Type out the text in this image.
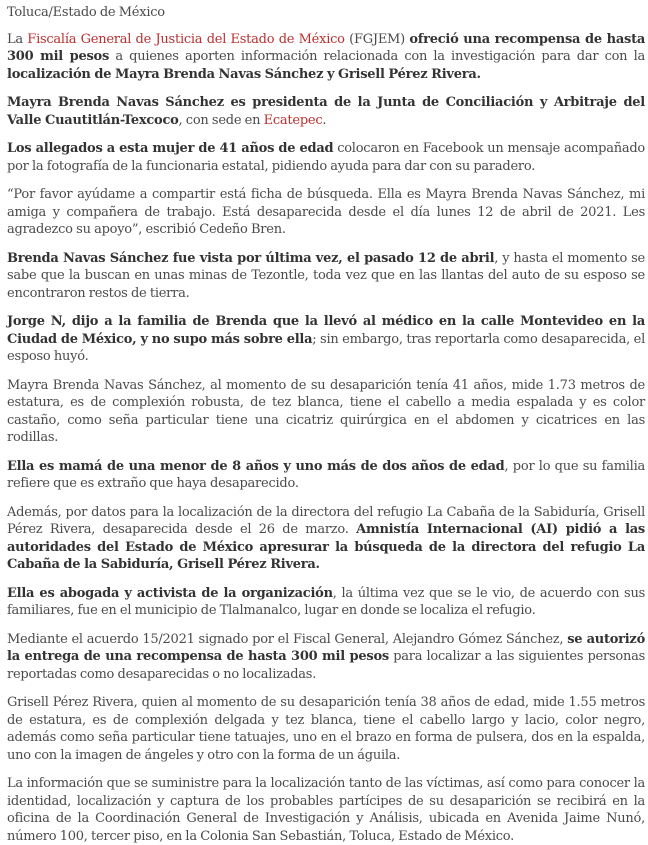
Toluca/Estado de México

La Fiscalía General de Justicia del Estado de México (FGJEM) ofreció una recompensa de hasta 300 mil pesos a quienes aporten información relacionada con la investigación para dar con la localización de Mayra Brenda Navas Sánchez y Grisell Pérez Rivera.

Mayra Brenda Navas Sánchez es presidenta de la Junta de Conciliación y Arbitraje del Valle Cuautitlán-Texcoco, con sede en Ecatepec.

Los allegados a esta mujer de 41 años de edad colocaron en Facebook un mensaje acompañado por la fotografía de la funcionaria estatal, pidiendo ayuda para dar con su paradero.

“Por favor ayúdame a compartir está ficha de búsqueda. Ella es Mayra Brenda Navas Sánchez, mi amiga y compañera de trabajo. Está desaparecida desde el día lunes 12 de abril de 2021. Les agradezco su apoyo”, escribió Cedeño Bren.

Brenda Navas Sánchez fue vista por última vez, el pasado 12 de abril, y hasta el momento se sabe que la buscan en unas minas de Tezontle, toda vez que en las llantas del auto de su esposo se encontraron restos de tierra.

Jorge N, dijo a la familia de Brenda que la llevó al médico en la calle Montevideo en la Ciudad de México, y no supo más sobre ella; sin embargo, tras reportarla como desaparecida, el esposo huyó.

Mayra Brenda Navas Sánchez, al momento de su desaparición tenía 41 años, mide 1.73 metros de estatura, es de complexión robusta, de tez blanca, tiene el cabello a media espalada y es color castaño, como seña particular tiene una cicatriz quirúrgica en el abdomen y cicatrices en las rodillas.

Ella es mamá de una menor de 8 años y uno más de dos años de edad, por lo que su familia refiere que es extraño que haya desaparecido.

Además, por datos para la localización de la directora del refugio La Cabaña de la Sabiduría, Grisell Pérez Rivera, desaparecida desde el 26 de marzo. Amnistía Internacional (AI) pidió a las autoridades del Estado de México apresurar la búsqueda de la directora del refugio La Cabaña de la Sabiduría, Grisell Pérez Rivera.

Ella es abogada y activista de la organización, la última vez que se le vio, de acuerdo con sus familiares, fue en el municipio de Tlalmanalco, lugar en donde se localiza el refugio.

Mediante el acuerdo 15/2021 signado por el Fiscal General, Alejandro Gómez Sánchez, se autorizó la entrega de una recompensa de hasta 300 mil pesos para localizar a las siguientes personas reportadas como desaparecidas o no localizadas.

Grisell Pérez Rivera, quien al momento de su desaparición tenía 38 años de edad, mide 1.55 metros de estatura, es de complexión delgada y tez blanca, tiene el cabello largo y lacio, color negro, además como seña particular tiene tatuajes, uno en el brazo en forma de pulsera, dos en la espalda, uno con la imagen de ángeles y otro con la forma de un águila.

La información que se suministre para la localización tanto de las víctimas, así como para conocer la identidad, localización y captura de los probables partícipes de su desaparición se recibirá en la oficina de la Coordinación General de Investigación y Análisis, ubicada en Avenida Jaime Nunó, número 100, tercer piso, en la Colonia San Sebastián, Toluca, Estado de México.
